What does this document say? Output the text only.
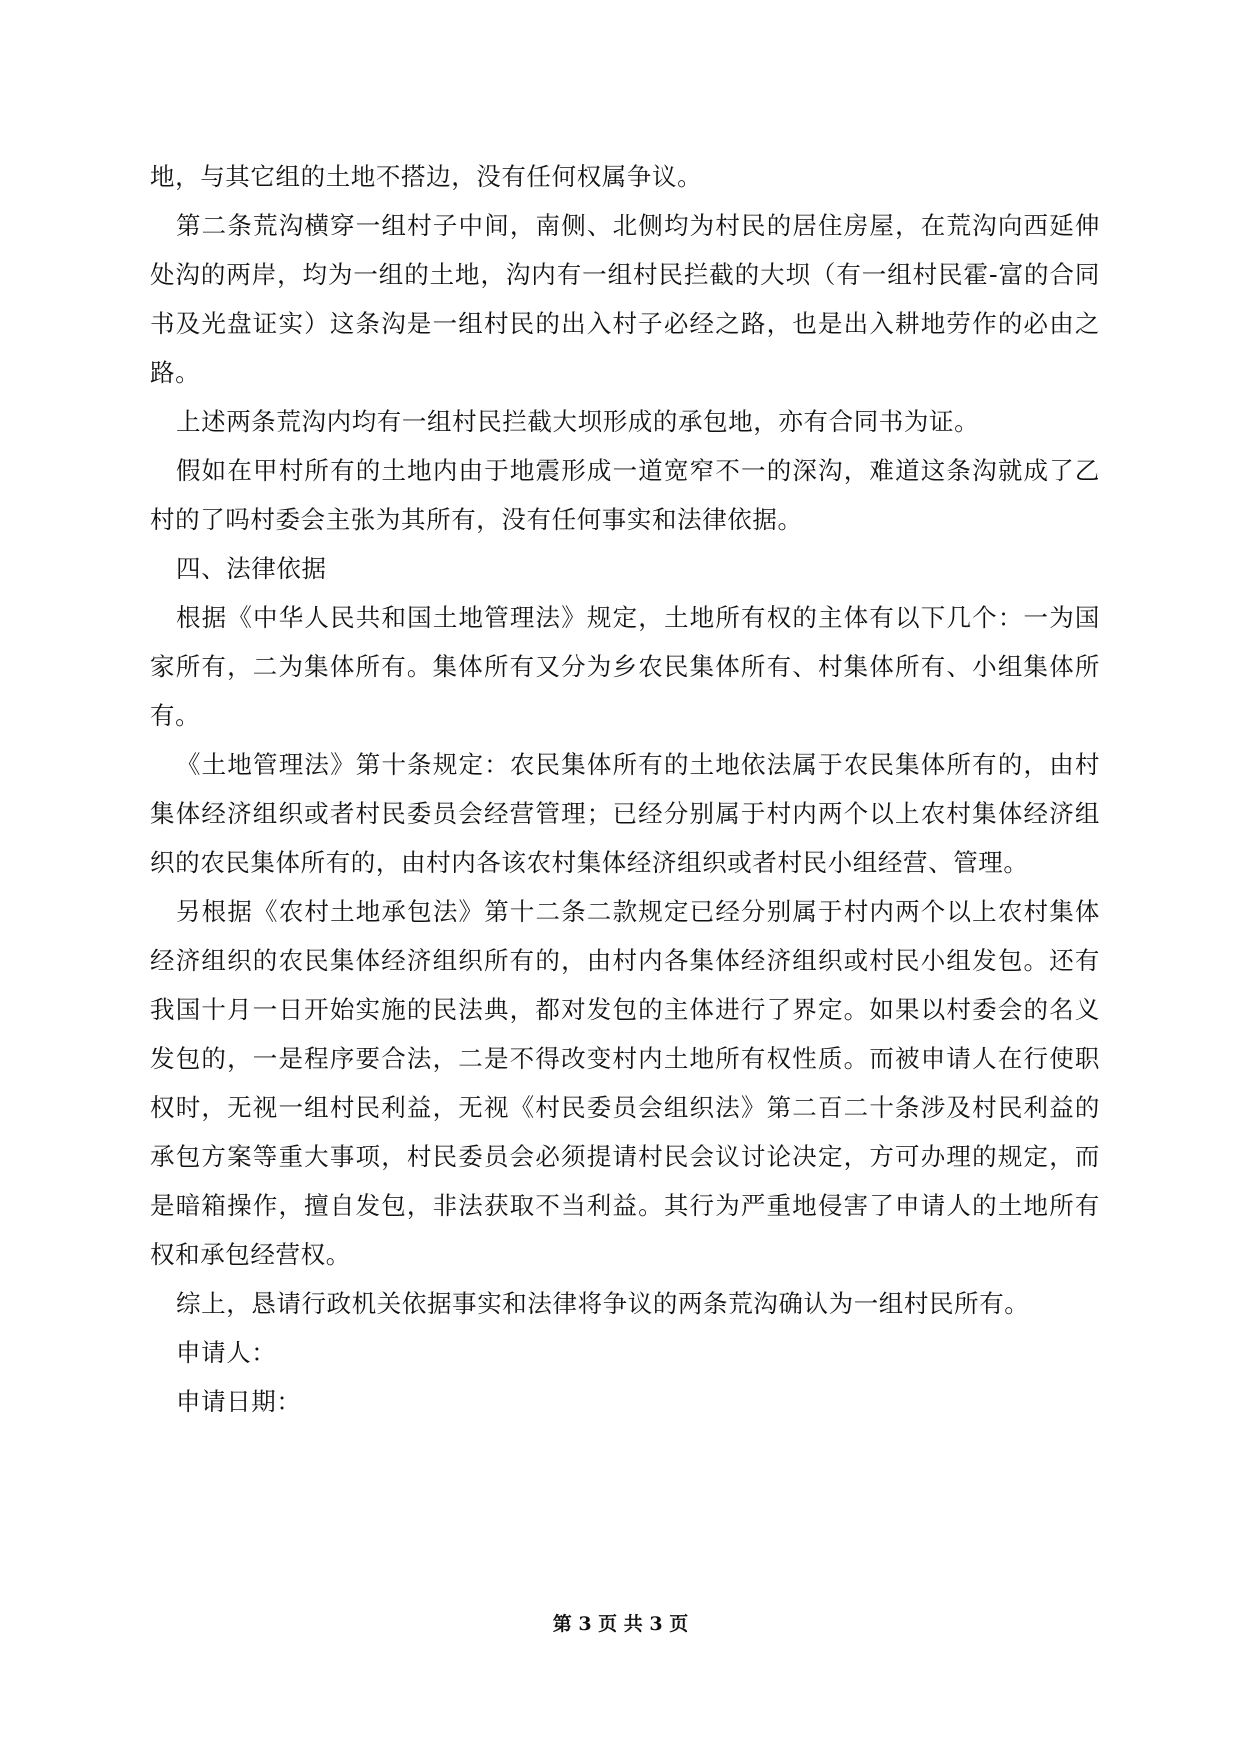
地，与其它组的土地不搭边，没有任何权属争议。

第二条荒沟横穿一组村子中间，南侧、北侧均为村民的居住房屋，在荒沟向西延伸处沟的两岸，均为一组的土地，沟内有一组村民拦截的大坝（有一组村民霍-富的合同书及光盘证实）这条沟是一组村民的出入村子必经之路，也是出入耕地劳作的必由之路。

上述两条荒沟内均有一组村民拦截大坝形成的承包地，亦有合同书为证。

假如在甲村所有的土地内由于地震形成一道宽窄不一的深沟，难道这条沟就成了乙村的了吗村委会主张为其所有，没有任何事实和法律依据。

四、法律依据

根据《中华人民共和国土地管理法》规定，土地所有权的主体有以下几个：一为国家所有，二为集体所有。集体所有又分为乡农民集体所有、村集体所有、小组集体所有。

《土地管理法》第十条规定：农民集体所有的土地依法属于农民集体所有的，由村集体经济组织或者村民委员会经营管理；已经分别属于村内两个以上农村集体经济组织的农民集体所有的，由村内各该农村集体经济组织或者村民小组经营、管理。

另根据《农村土地承包法》第十二条二款规定已经分别属于村内两个以上农村集体经济组织的农民集体经济组织所有的，由村内各集体经济组织或村民小组发包。还有我国十月一日开始实施的民法典，都对发包的主体进行了界定。如果以村委会的名义发包的，一是程序要合法，二是不得改变村内土地所有权性质。而被申请人在行使职权时，无视一组村民利益，无视《村民委员会组织法》第二百二十条涉及村民利益的承包方案等重大事项，村民委员会必须提请村民会议讨论决定，方可办理的规定，而是暗箱操作，擅自发包，非法获取不当利益。其行为严重地侵害了申请人的土地所有权和承包经营权。

综上，恳请行政机关依据事实和法律将争议的两条荒沟确认为一组村民所有。

申请人：

申请日期：

第 3 页 共 3 页
